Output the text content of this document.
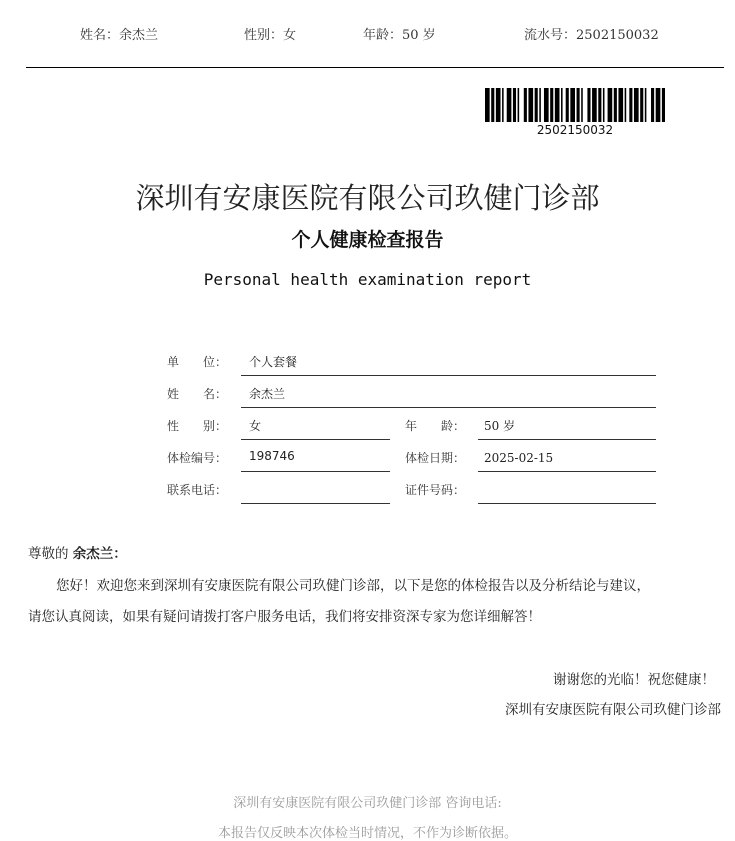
姓名：余杰兰	性别：女	年龄：50 岁	流水号：2502150032
2502150032
深圳有安康医院有限公司玖健门诊部
个人健康检查报告
Personal health examination report
单　　位： 个人套餐
姓　　名： 余杰兰
性　　别： 女	年　　龄： 50 岁
体检编号： 198746	体检日期： 2025-02-15
联系电话：	证件号码：
尊敬的 余杰兰：
您好！欢迎您来到深圳有安康医院有限公司玖健门诊部，以下是您的体检报告以及分析结论与建议，
请您认真阅读，如果有疑问请拨打客户服务电话，我们将安排资深专家为您详细解答！
谢谢您的光临！祝您健康！
深圳有安康医院有限公司玖健门诊部
深圳有安康医院有限公司玖健门诊部 咨询电话:
本报告仅反映本次体检当时情况，不作为诊断依据。
